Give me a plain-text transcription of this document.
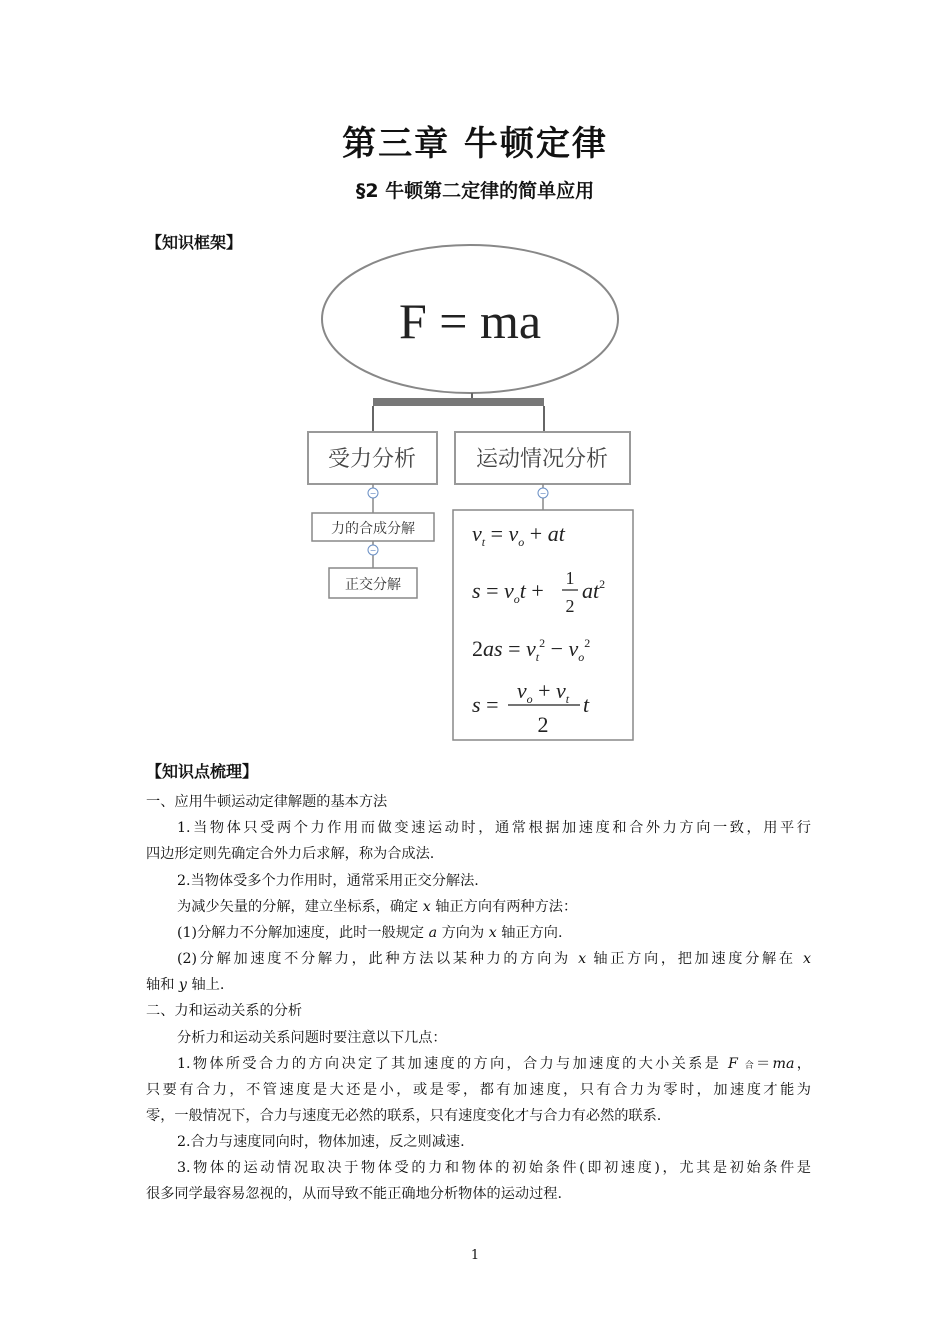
第三章 牛顿定律
§2 牛顿第二定律的简单应用
【知识框架】
F = ma
受力分析	运动情况分析
−
力的合成分解
−
正交分解
−
$v_t = v_o$ + at
$s = v_ot + 1$
2
$at^2$
$2as = v_t^2 - v_o^2$
s =
$v_o + v_t$
2
t
【知识点梳理】
一、应用牛顿运动定律解题的基本方法
1.当物体只受两个力作用而做变速运动时，通常根据加速度和合外力方向一致，用平行
四边形定则先确定合外力后求解，称为合成法.
2.当物体受多个力作用时，通常采用正交分解法.
为减少矢量的分解，建立坐标系，确定 x 轴正方向有两种方法：
(1)分解力不分解加速度，此时一般规定 a 方向为 x 轴正方向.
(2)分解加速度不分解力，此种方法以某种力的方向为 x 轴正方向，把加速度分解在 x
轴和 y 轴上.
二、力和运动关系的分析
分析力和运动关系问题时要注意以下几点：
1.物体所受合力的方向决定了其加速度的方向，合力与加速度的大小关系是 F 合＝ma，
只要有合力，不管速度是大还是小，或是零，都有加速度，只有合力为零时，加速度才能为
零，一般情况下，合力与速度无必然的联系，只有速度变化才与合力有必然的联系.
2.合力与速度同向时，物体加速，反之则减速.
3.物体的运动情况取决于物体受的力和物体的初始条件(即初速度)，尤其是初始条件是
很多同学最容易忽视的，从而导致不能正确地分析物体的运动过程.
1
